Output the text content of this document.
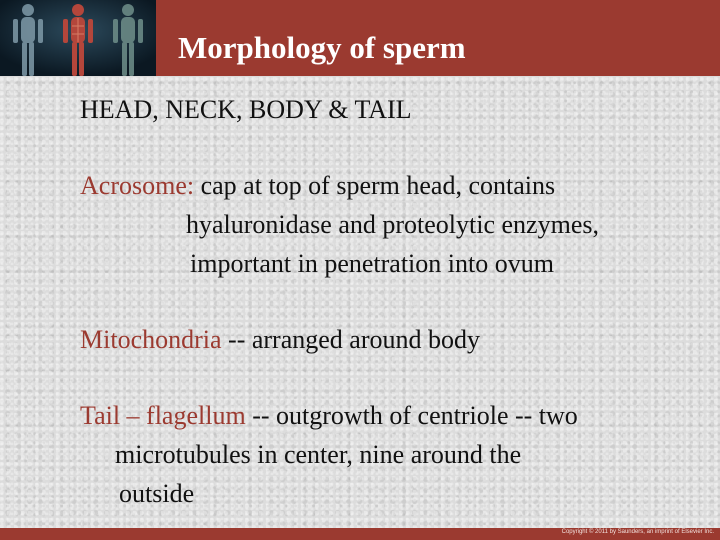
Morphology of sperm
HEAD, NECK, BODY & TAIL
Acrosome: cap at top of sperm head, contains
hyaluronidase and proteolytic enzymes,
important in penetration into ovum
Mitochondria -- arranged around body
Tail – flagellum -- outgrowth of centriole -- two
microtubules in center, nine around the
outside
Copyright © 2011 by Saunders, an imprint of Elsevier Inc.
